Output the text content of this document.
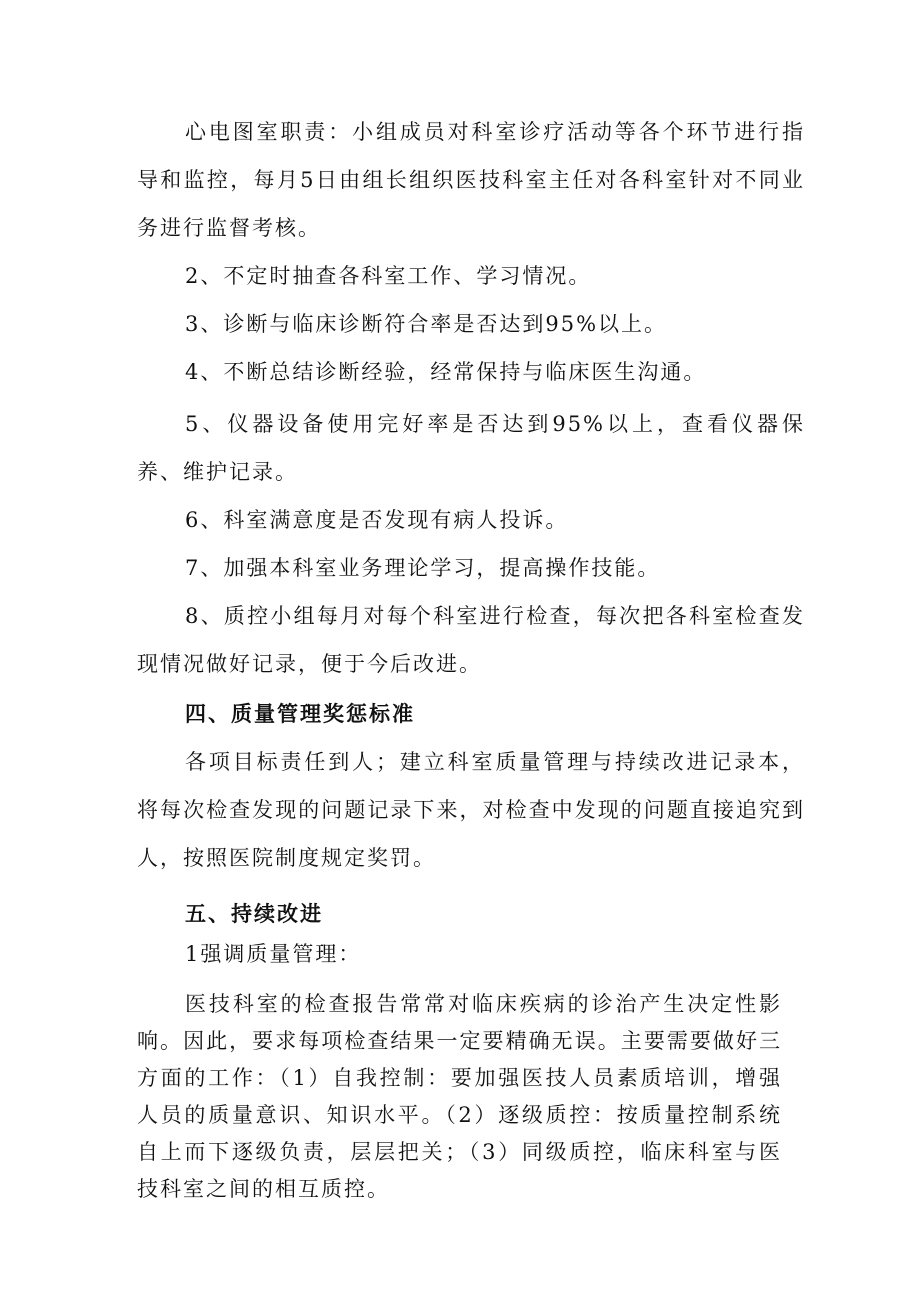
心电图室职责：小组成员对科室诊疗活动等各个环节进行指导和监控，每月5日由组长组织医技科室主任对各科室针对不同业务进行监督考核。

2、不定时抽查各科室工作、学习情况。

3、诊断与临床诊断符合率是否达到95%以上。

4、不断总结诊断经验，经常保持与临床医生沟通。

5、仪器设备使用完好率是否达到95%以上，查看仪器保养、维护记录。

6、科室满意度是否发现有病人投诉。

7、加强本科室业务理论学习，提高操作技能。

8、质控小组每月对每个科室进行检查，每次把各科室检查发现情况做好记录，便于今后改进。

四、质量管理奖惩标准

各项目标责任到人；建立科室质量管理与持续改进记录本，将每次检查发现的问题记录下来，对检查中发现的问题直接追究到人，按照医院制度规定奖罚。

五、持续改进

1强调质量管理：

医技科室的检查报告常常对临床疾病的诊治产生决定性影响。因此，要求每项检查结果一定要精确无误。主要需要做好三方面的工作：（1）自我控制：要加强医技人员素质培训，增强人员的质量意识、知识水平。（2）逐级质控：按质量控制系统自上而下逐级负责，层层把关；（3）同级质控，临床科室与医技科室之间的相互质控。
